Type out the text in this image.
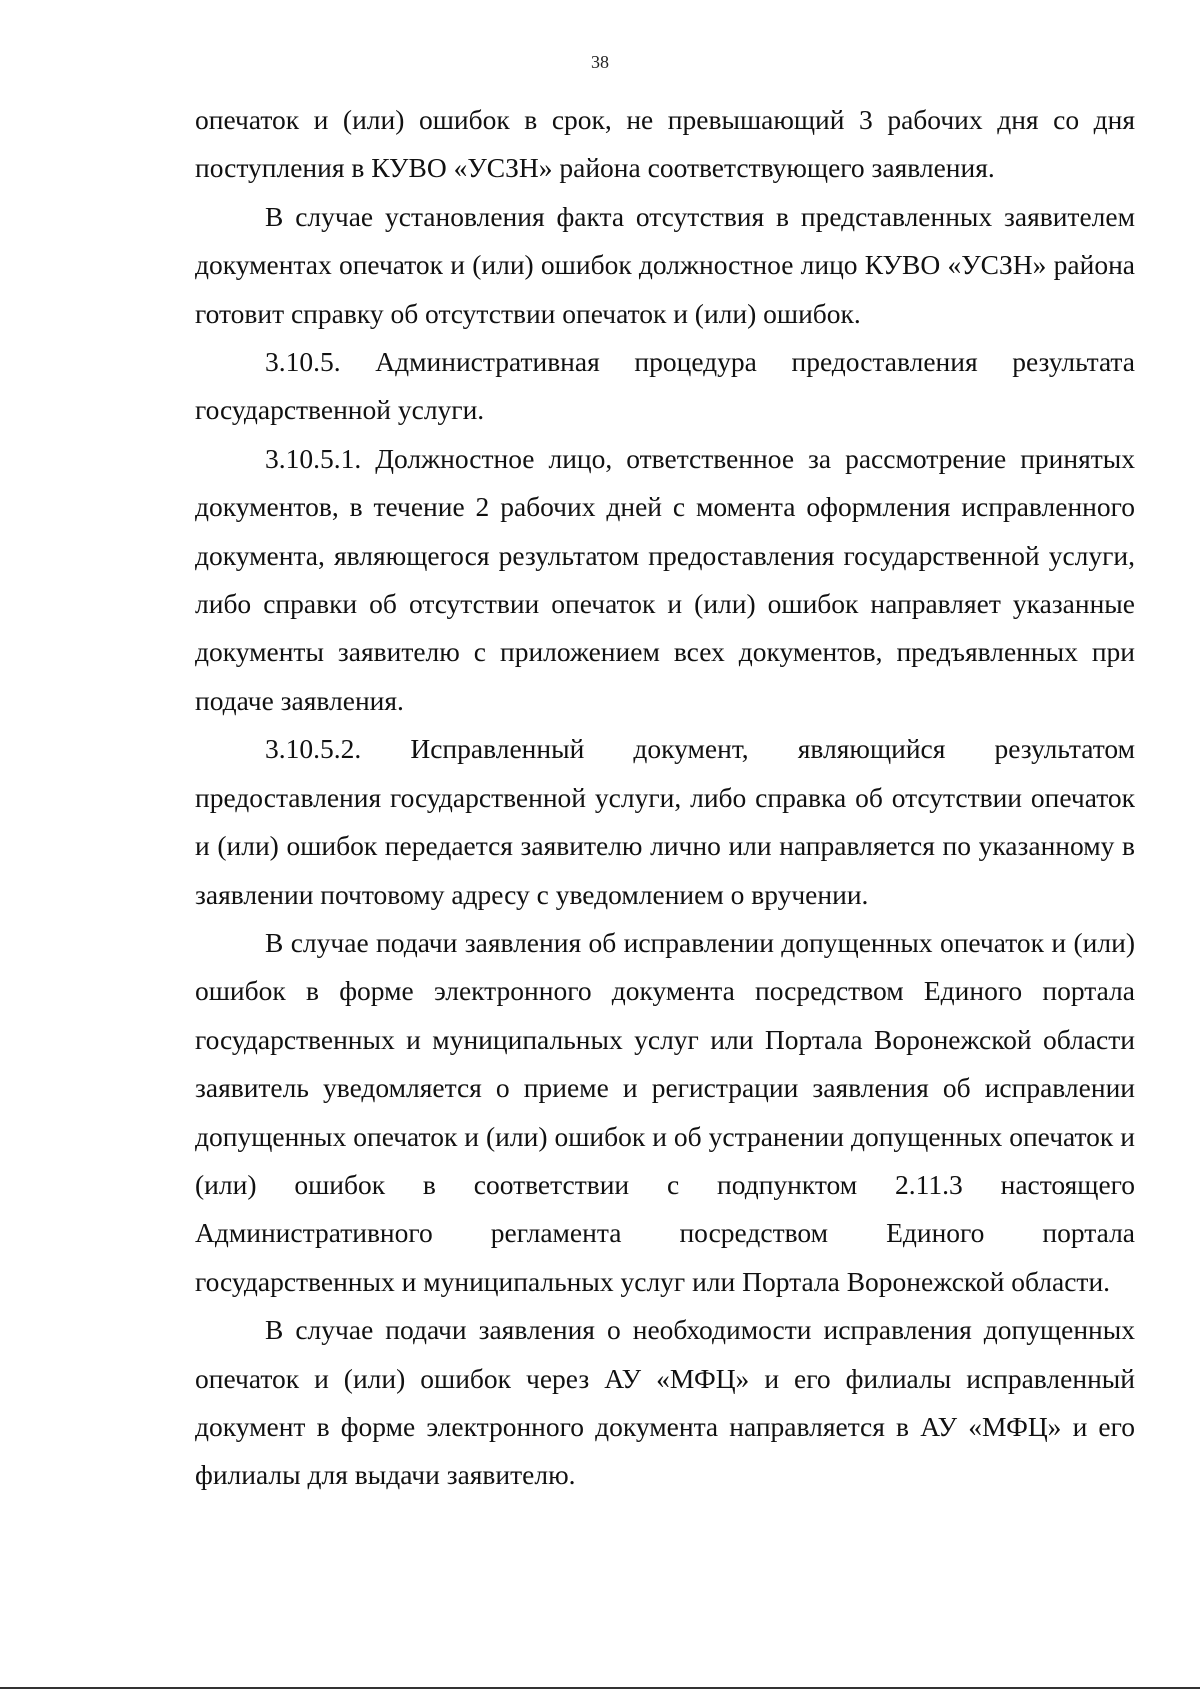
38

опечаток и (или) ошибок в срок, не превышающий 3 рабочих дня со дня поступления в КУВО «УСЗН» района соответствующего заявления.

В случае установления факта отсутствия в представленных заявителем документах опечаток и (или) ошибок должностное лицо КУВО «УСЗН» района готовит справку об отсутствии опечаток и (или) ошибок.

3.10.5. Административная процедура предоставления результата государственной услуги.

3.10.5.1. Должностное лицо, ответственное за рассмотрение принятых документов, в течение 2 рабочих дней с момента оформления исправленного документа, являющегося результатом предоставления государственной услуги, либо справки об отсутствии опечаток и (или) ошибок направляет указанные документы заявителю с приложением всех документов, предъявленных при подаче заявления.

3.10.5.2. Исправленный документ, являющийся результатом предоставления государственной услуги, либо справка об отсутствии опечаток и (или) ошибок передается заявителю лично или направляется по указанному в заявлении почтовому адресу с уведомлением о вручении.

В случае подачи заявления об исправлении допущенных опечаток и (или) ошибок в форме электронного документа посредством Единого портала государственных и муниципальных услуг или Портала Воронежской области заявитель уведомляется о приеме и регистрации заявления об исправлении допущенных опечаток и (или) ошибок и об устранении допущенных опечаток и (или) ошибок в соответствии с подпунктом 2.11.3 настоящего Административного регламента посредством Единого портала государственных и муниципальных услуг или Портала Воронежской области.

В случае подачи заявления о необходимости исправления допущенных опечаток и (или) ошибок через АУ «МФЦ» и его филиалы исправленный документ в форме электронного документа направляется в АУ «МФЦ» и его филиалы для выдачи заявителю.
